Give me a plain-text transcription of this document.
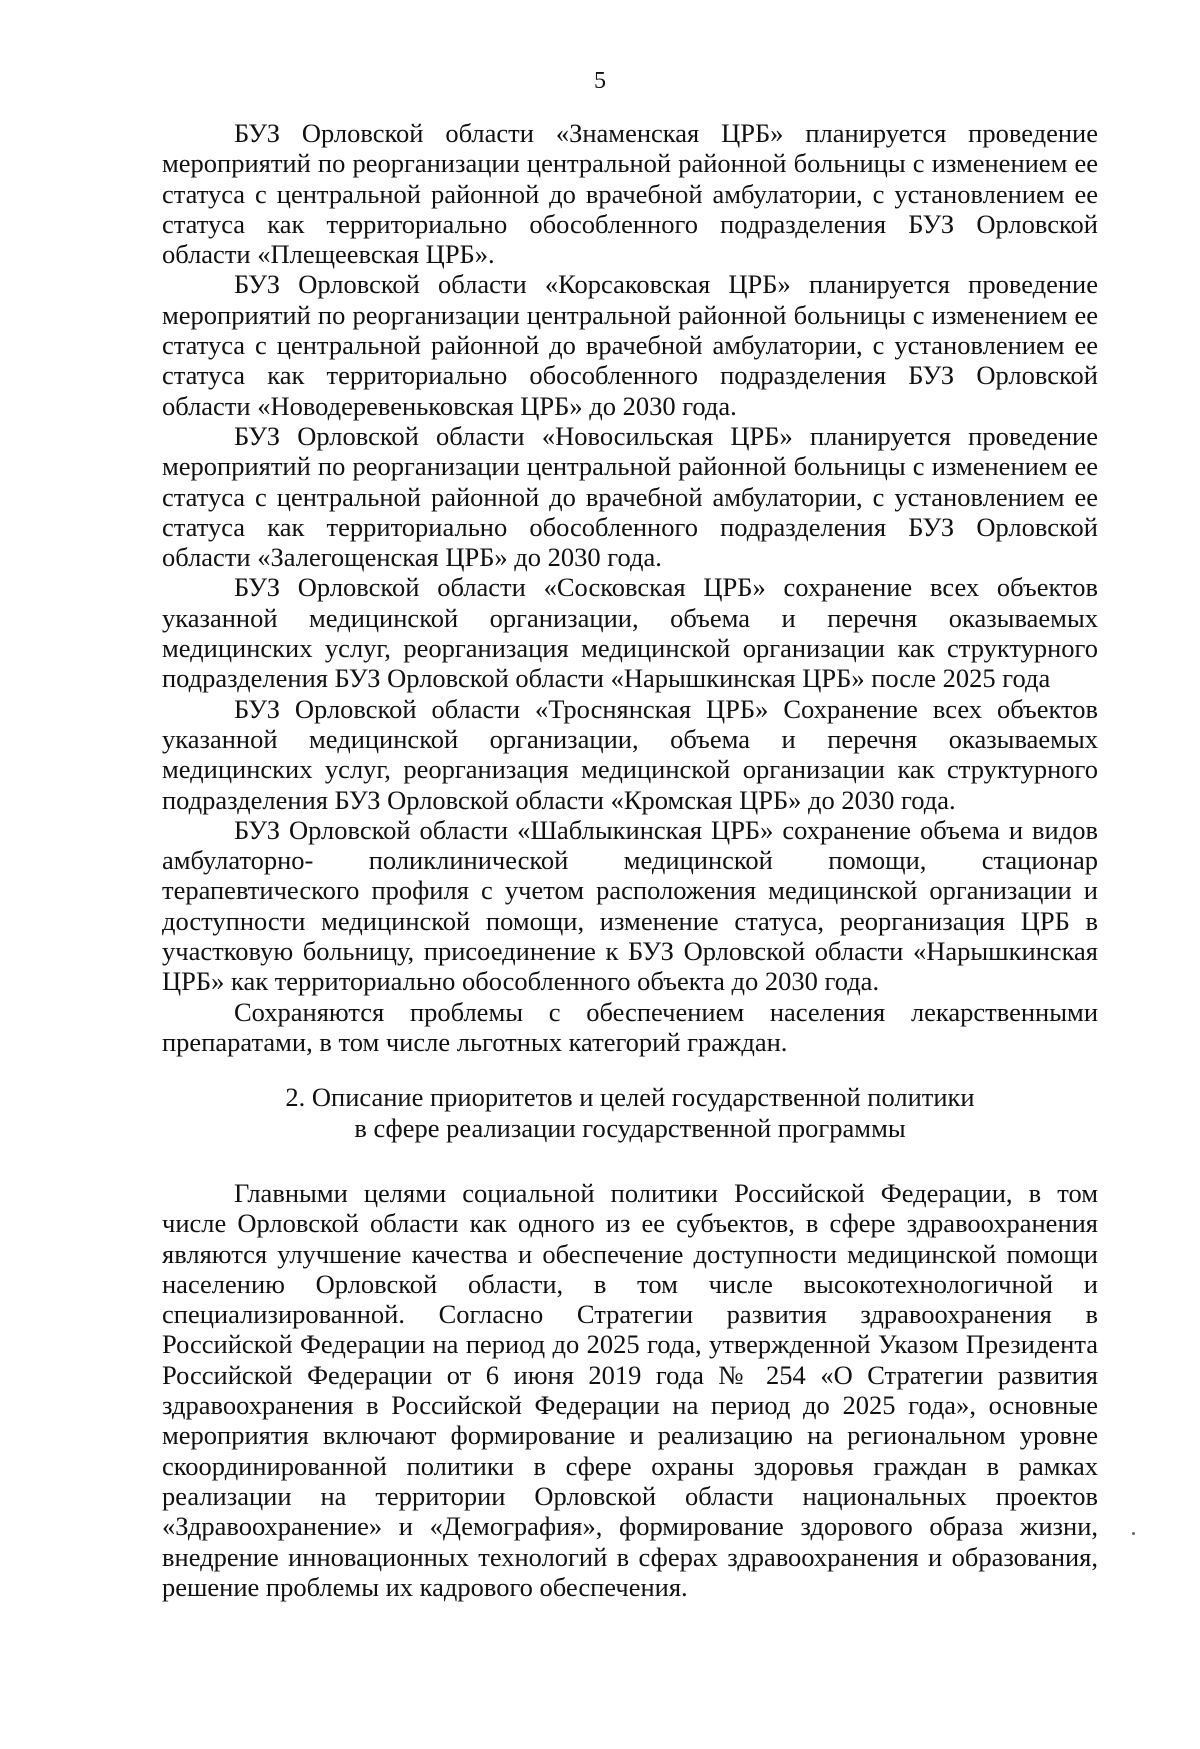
5

БУЗ Орловской области «Знаменская ЦРБ» планируется проведение мероприятий по реорганизации центральной районной больницы с изменением ее статуса с центральной районной до врачебной амбулатории, с установлением ее статуса как территориально обособленного подразделения БУЗ Орловской области «Плещеевская ЦРБ».

БУЗ Орловской области «Корсаковская ЦРБ» планируется проведение мероприятий по реорганизации центральной районной больницы с изменением ее статуса с центральной районной до врачебной амбулатории, с установлением ее статуса как территориально обособленного подразделения БУЗ Орловской области «Новодеревеньковская ЦРБ» до 2030 года.

БУЗ Орловской области «Новосильская ЦРБ» планируется проведение мероприятий по реорганизации центральной районной больницы с изменением ее статуса с центральной районной до врачебной амбулатории, с установлением ее статуса как территориально обособленного подразделения БУЗ Орловской области «Залегощенская ЦРБ» до 2030 года.

БУЗ Орловской области «Сосковская ЦРБ» сохранение всех объектов указанной медицинской организации, объема и перечня оказываемых медицинских услуг, реорганизация медицинской организации как структурного подразделения БУЗ Орловской области «Нарышкинская ЦРБ» после 2025 года

БУЗ Орловской области «Троснянская ЦРБ» Сохранение всех объектов указанной медицинской организации, объема и перечня оказываемых медицинских услуг, реорганизация медицинской организации как структурного подразделения БУЗ Орловской области «Кромская ЦРБ» до 2030 года.

БУЗ Орловской области «Шаблыкинская ЦРБ» сохранение объема и видов амбулаторно- поликлинической медицинской помощи, стационар терапевтического профиля с учетом расположения медицинской организации и доступности медицинской помощи, изменение статуса, реорганизация ЦРБ в участковую больницу, присоединение к БУЗ Орловской области «Нарышкинская ЦРБ» как территориально обособленного объекта до 2030 года.

Сохраняются проблемы с обеспечением населения лекарственными препаратами, в том числе льготных категорий граждан.

2. Описание приоритетов и целей государственной политики
в сфере реализации государственной программы

Главными целями социальной политики Российской Федерации, в том числе Орловской области как одного из ее субъектов, в сфере здравоохранения являются улучшение качества и обеспечение доступности медицинской помощи населению Орловской области, в том числе высокотехнологичной и специализированной. Согласно Стратегии развития здравоохранения в Российской Федерации на период до 2025 года, утвержденной Указом Президента Российской Федерации от 6 июня 2019 года № 254 «О Стратегии развития здравоохранения в Российской Федерации на период до 2025 года», основные мероприятия включают формирование и реализацию на региональном уровне скоординированной политики в сфере охраны здоровья граждан в рамках реализации на территории Орловской области национальных проектов «Здравоохранение» и «Демография», формирование здорового образа жизни, внедрение инновационных технологий в сферах здравоохранения и образования, решение проблемы их кадрового обеспечения.
